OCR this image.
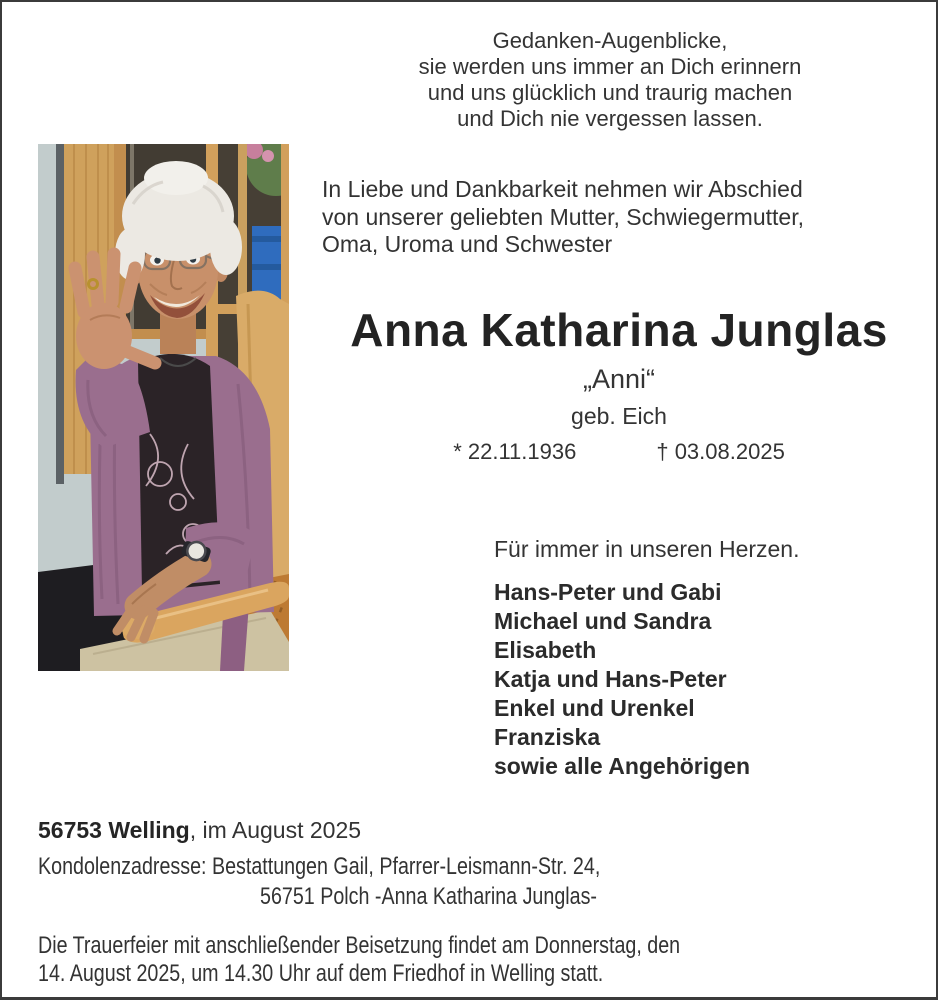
Gedanken-Augenblicke,
sie werden uns immer an Dich erinnern
und uns glücklich und traurig machen
und Dich nie vergessen lassen.
In Liebe und Dankbarkeit nehmen wir Abschied
von unserer geliebten Mutter, Schwiegermutter,
Oma, Uroma und Schwester
Anna Katharina Junglas
„Anni“
geb. Eich
* 22.11.1936	† 03.08.2025
Für immer in unseren Herzen.
Hans-Peter und Gabi
Michael und Sandra
Elisabeth
Katja und Hans-Peter
Enkel und Urenkel
Franziska
sowie alle Angehörigen
56753 Welling, im August 2025
Kondolenzadresse: Bestattungen Gail, Pfarrer-Leismann-Str. 24,
56751 Polch -Anna Katharina Junglas-
Die Trauerfeier mit anschließender Beisetzung findet am Donnerstag, den
14. August 2025, um 14.30 Uhr auf dem Friedhof in Welling statt.
